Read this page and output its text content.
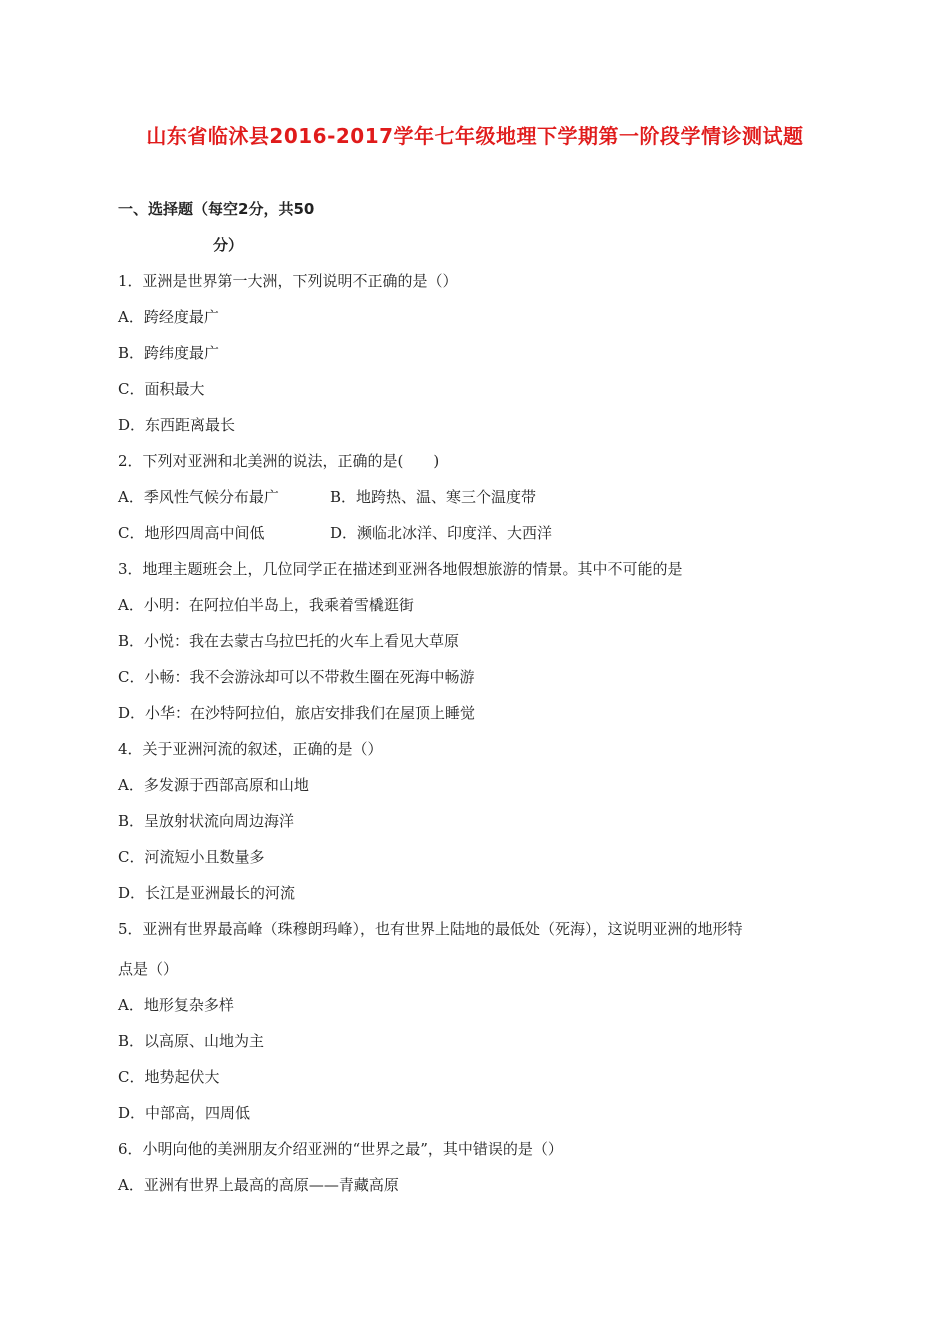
山东省临沭县2016-2017学年七年级地理下学期第一阶段学情诊测试题
一、选择题（每空2分，共50
分）
1．亚洲是世界第一大洲，下列说明不正确的是（）
A．跨经度最广
B．跨纬度最广
C．面积最大
D．东西距离最长
2．下列对亚洲和北美洲的说法，正确的是(　　)
A．季风性气候分布最广	B．地跨热、温、寒三个温度带
C．地形四周高中间低	D．濒临北冰洋、印度洋、大西洋
3．地理主题班会上，几位同学正在描述到亚洲各地假想旅游的情景。其中不可能的是
A．小明：在阿拉伯半岛上，我乘着雪橇逛街
B．小悦：我在去蒙古乌拉巴托的火车上看见大草原
C．小畅：我不会游泳却可以不带救生圈在死海中畅游
D．小华：在沙特阿拉伯，旅店安排我们在屋顶上睡觉
4．关于亚洲河流的叙述，正确的是（）
A．多发源于西部高原和山地
B．呈放射状流向周边海洋
C．河流短小且数量多
D．长江是亚洲最长的河流
5．亚洲有世界最高峰（珠穆朗玛峰），也有世界上陆地的最低处（死海），这说明亚洲的地形特
点是（）
A．地形复杂多样
B．以高原、山地为主
C．地势起伏大
D．中部高，四周低
6．小明向他的美洲朋友介绍亚洲的“世界之最”，其中错误的是（）
A．亚洲有世界上最高的高原——青藏高原
